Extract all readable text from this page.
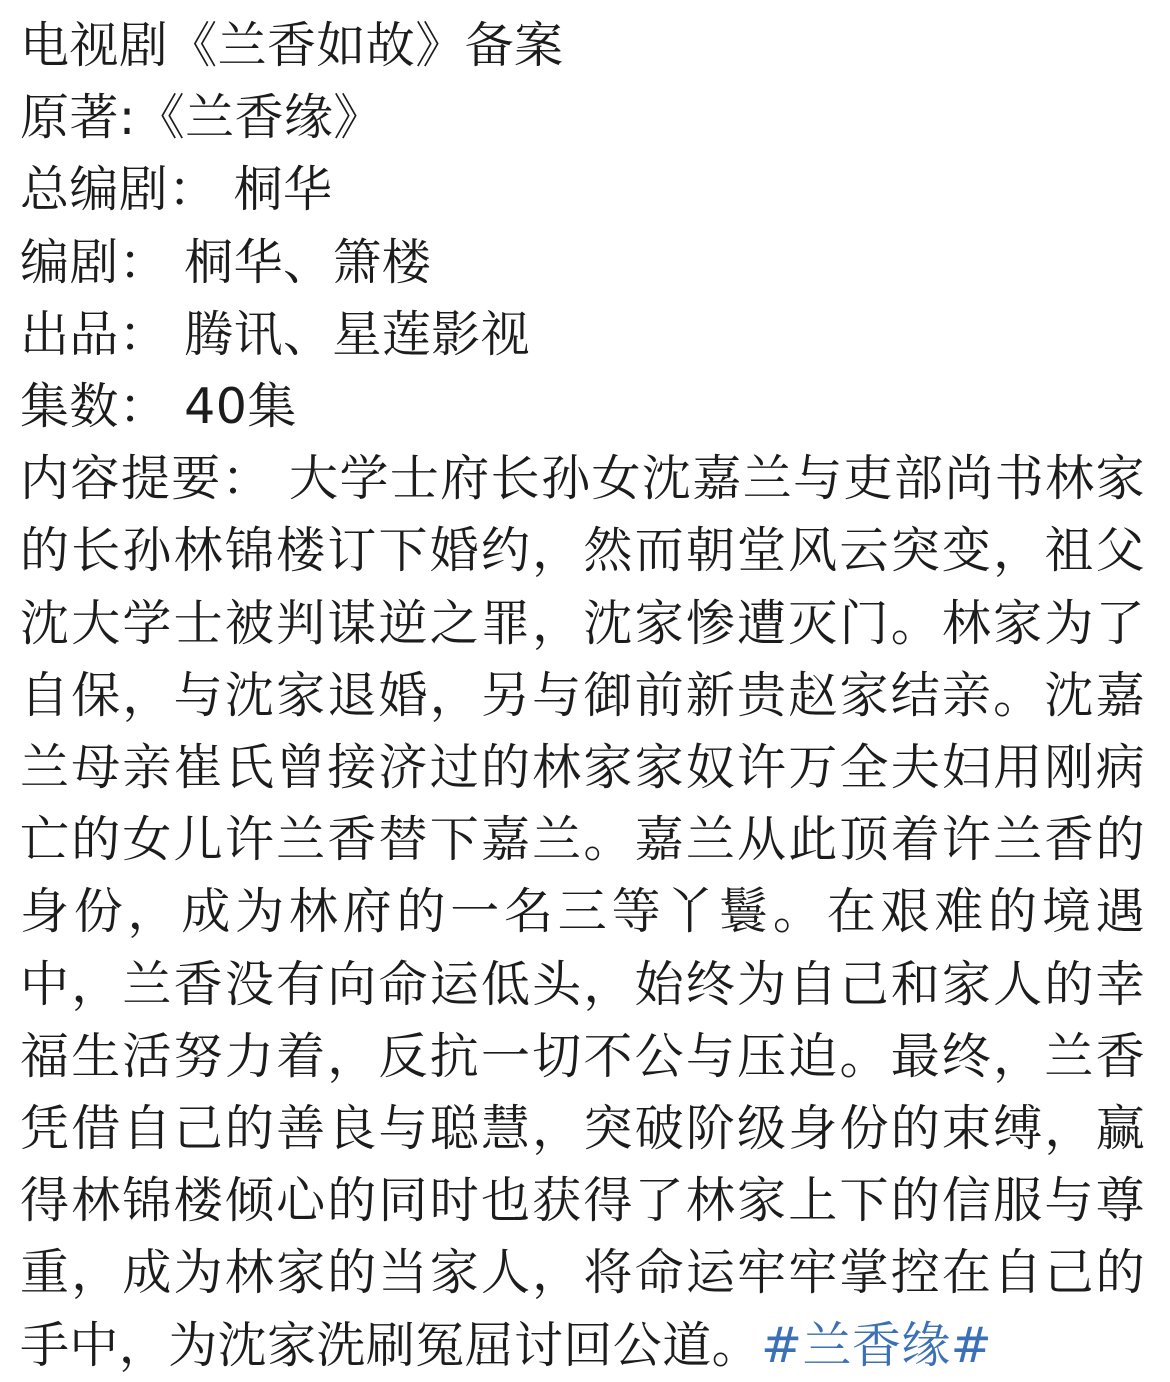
电视剧《兰香如故》备案
原著:《兰香缘》
总编剧： 桐华
编剧： 桐华、箫楼
出品： 腾讯、星莲影视
集数： 40集
内容提要： 大学士府长孙女沈嘉兰与吏部尚书林家的长孙林锦楼订下婚约，然而朝堂风云突变，祖父沈大学士被判谋逆之罪，沈家惨遭灭门。林家为了自保，与沈家退婚，另与御前新贵赵家结亲。沈嘉兰母亲崔氏曾接济过的林家家奴许万全夫妇用刚病亡的女儿许兰香替下嘉兰。嘉兰从此顶着许兰香的身份，成为林府的一名三等丫鬟。在艰难的境遇中，兰香没有向命运低头，始终为自己和家人的幸福生活努力着，反抗一切不公与压迫。最终，兰香凭借自己的善良与聪慧，突破阶级身份的束缚，赢得林锦楼倾心的同时也获得了林家上下的信服与尊重，成为林家的当家人，将命运牢牢掌控在自己的手中，为沈家洗刷冤屈讨回公道。#兰香缘#
